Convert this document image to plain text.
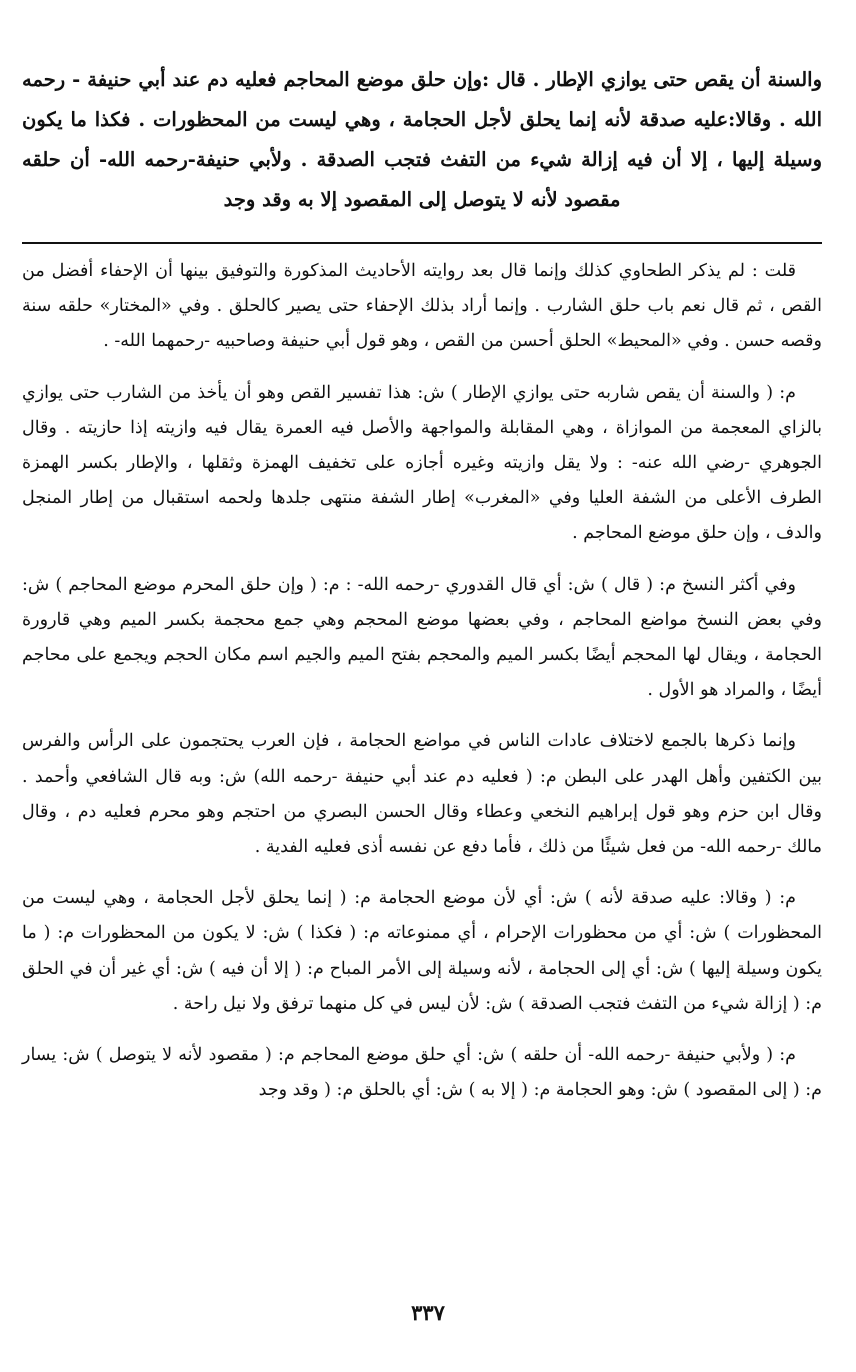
والسنة أن يقص حتى يوازي الإطار . قال :وإن حلق موضع المحاجم فعليه دم عند أبي حنيفة - رحمه الله . وقالا:عليه صدقة لأنه إنما يحلق لأجل الحجامة ، وهي ليست من المحظورات . فكذا ما يكون وسيلة إليها ، إلا أن فيه إزالة شيء من التفث فتجب الصدقة . ولأبي حنيفة-رحمه الله- أن حلقه مقصود لأنه لا يتوصل إلى المقصود إلا به وقد وجد

قلت : لم يذكر الطحاوي كذلك وإنما قال بعد روايته الأحاديث المذكورة والتوفيق بينها أن الإحفاء أفضل من القص ، ثم قال نعم باب حلق الشارب . وإنما أراد بذلك الإحفاء حتى يصير كالحلق . وفي «المختار» حلقه سنة وقصه حسن . وفي «المحيط» الحلق أحسن من القص ، وهو قول أبي حنيفة وصاحبيه -رحمهما الله- .

م: ( والسنة أن يقص شاربه حتى يوازي الإطار ) ش: هذا تفسير القص وهو أن يأخذ من الشارب حتى يوازي بالزاي المعجمة من الموازاة ، وهي المقابلة والمواجهة والأصل فيه العمرة يقال فيه وازيته إذا حازيته . وقال الجوهري -رضي الله عنه- : ولا يقل وازيته وغيره أجازه على تخفيف الهمزة وثقلها ، والإطار بكسر الهمزة الطرف الأعلى من الشفة العليا وفي «المغرب» إطار الشفة منتهى جلدها ولحمه استقبال من إطار المنجل والدف ، وإن حلق موضع المحاجم .

وفي أكثر النسخ م: ( قال ) ش: أي قال القدوري -رحمه الله- : م: ( وإن حلق المحرم موضع المحاجم ) ش: وفي بعض النسخ مواضع المحاجم ، وفي بعضها موضع المحجم وهي جمع محجمة بكسر الميم وهي قارورة الحجامة ، ويقال لها المحجم أيضًا بكسر الميم والمحجم بفتح الميم والجيم اسم مكان الحجم ويجمع على محاجم أيضًا ، والمراد هو الأول .

وإنما ذكرها بالجمع لاختلاف عادات الناس في مواضع الحجامة ، فإن العرب يحتجمون على الرأس والفرس بين الكتفين وأهل الهدر على البطن م: ( فعليه دم عند أبي حنيفة -رحمه الله) ش: وبه قال الشافعي وأحمد . وقال ابن حزم وهو قول إبراهيم النخعي وعطاء وقال الحسن البصري من احتجم وهو محرم فعليه دم ، وقال مالك -رحمه الله- من فعل شيئًا من ذلك ، فأما دفع عن نفسه أذى فعليه الفدية .

م: ( وقالا: عليه صدقة لأنه ) ش: أي لأن موضع الحجامة م: ( إنما يحلق لأجل الحجامة ، وهي ليست من المحظورات ) ش: أي من محظورات الإحرام ، أي ممنوعاته م: ( فكذا ) ش: لا يكون من المحظورات م: ( ما يكون وسيلة إليها ) ش: أي إلى الحجامة ، لأنه وسيلة إلى الأمر المباح م: ( إلا أن فيه ) ش: أي غير أن في الحلق م: ( إزالة شيء من التفث فتجب الصدقة ) ش: لأن ليس في كل منهما ترفق ولا نيل راحة .

م: ( ولأبي حنيفة -رحمه الله- أن حلقه ) ش: أي حلق موضع المحاجم م: ( مقصود لأنه لا يتوصل ) ش: يسار م: ( إلى المقصود ) ش: وهو الحجامة م: ( إلا به ) ش: أي بالحلق م: ( وقد وجد

٣٣٧
